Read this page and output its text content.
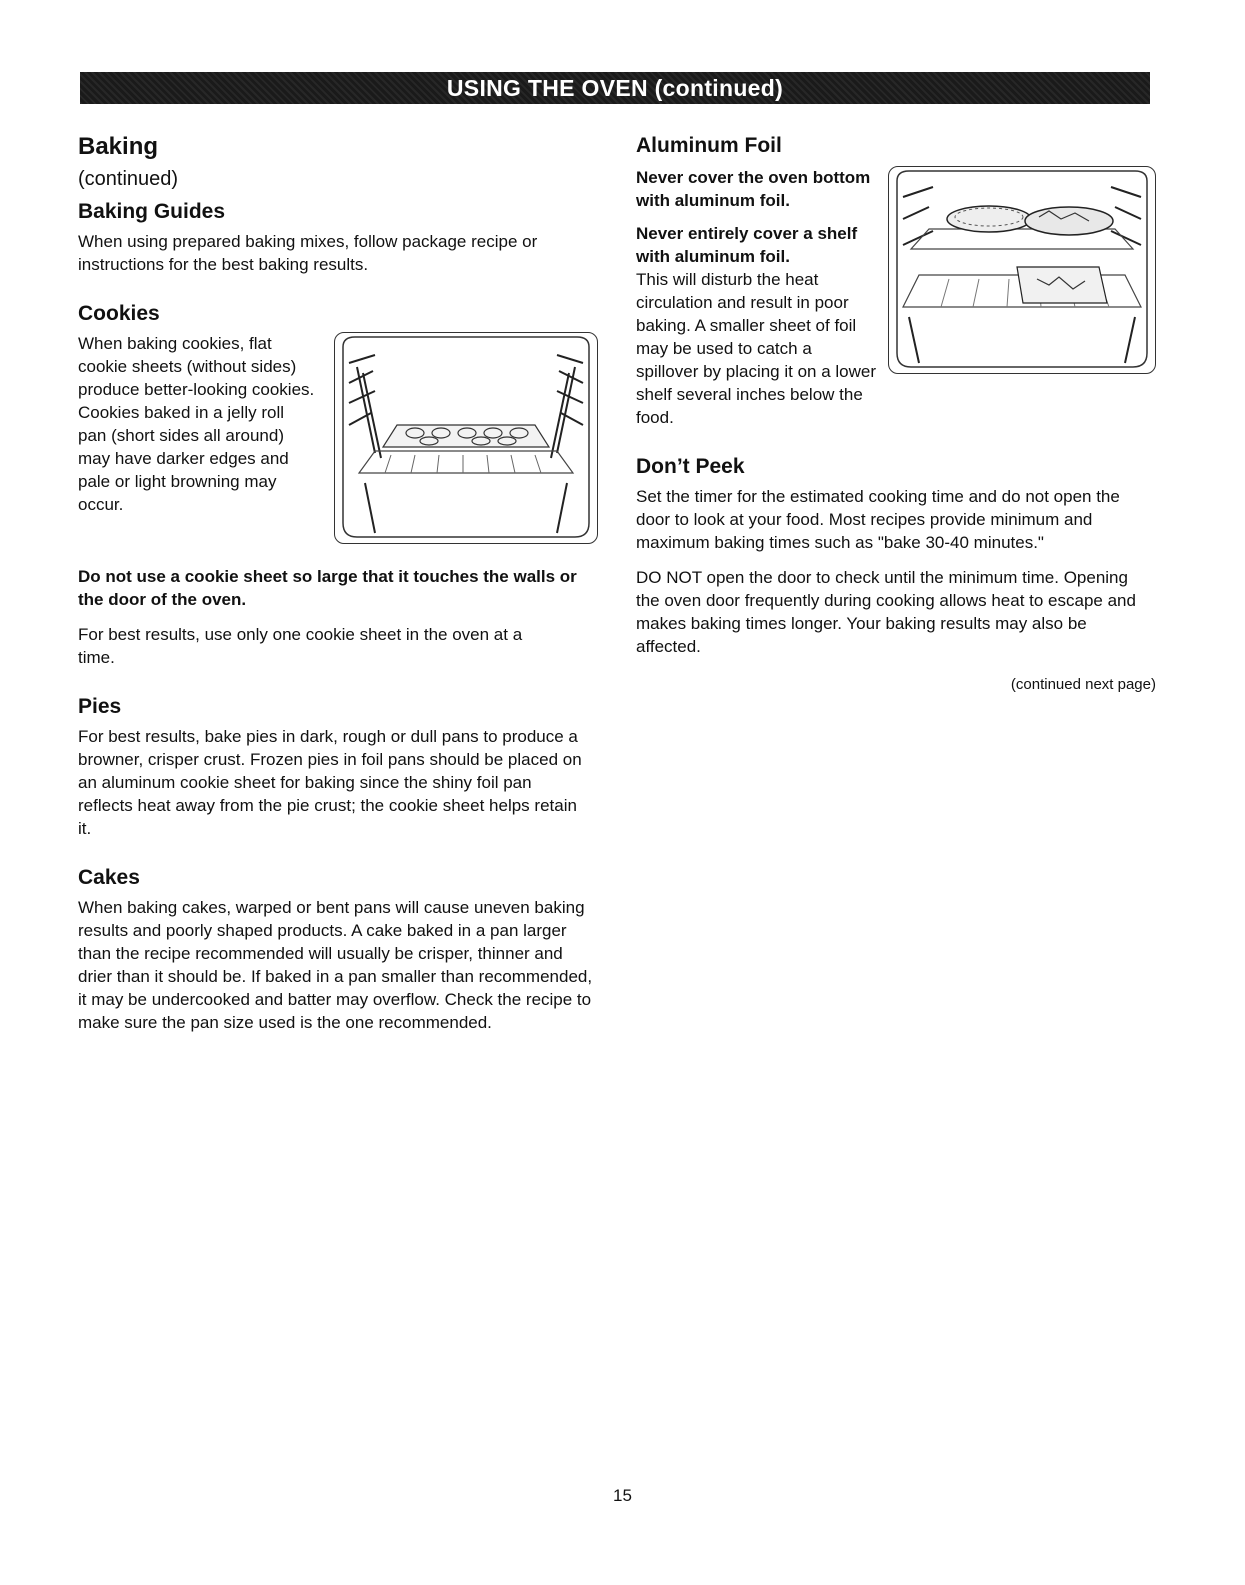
USING THE OVEN (continued)
Baking
(continued)
Baking Guides

When using prepared baking mixes, follow package recipe or instructions for the best baking results.

Cookies

When baking cookies, flat cookie sheets (without sides) produce better-looking cookies. Cookies baked in a jelly roll pan (short sides all around) may have darker edges and pale or light browning may occur.

Do not use a cookie sheet so large that it touches the walls or the door of the oven.

For best results, use only one cookie sheet in the oven at a time.

Pies

For best results, bake pies in dark, rough or dull pans to produce a browner, crisper crust. Frozen pies in foil pans should be placed on an aluminum cookie sheet for baking since the shiny foil pan reflects heat away from the pie crust; the cookie sheet helps retain it.

Cakes

When baking cakes, warped or bent pans will cause uneven baking results and poorly shaped products. A cake baked in a pan larger than the recipe recommended will usually be crisper, thinner and drier than it should be. If baked in a pan smaller than recommended, it may be undercooked and batter may overflow. Check the recipe to make sure the pan size used is the one recommended.

Aluminum Foil

Never cover the oven bottom with aluminum foil.

Never entirely cover a shelf with aluminum foil.

This will disturb the heat circulation and result in poor baking. A smaller sheet of foil may be used to catch a spillover by placing it on a lower shelf several inches below the food.

Don’t Peek

Set the timer for the estimated cooking time and do not open the door to look at your food. Most recipes provide minimum and maximum baking times such as "bake 30-40 minutes."

DO NOT open the door to check until the minimum time. Opening the oven door frequently during cooking allows heat to escape and makes baking times longer. Your baking results may also be affected.

(continued next page)
15
